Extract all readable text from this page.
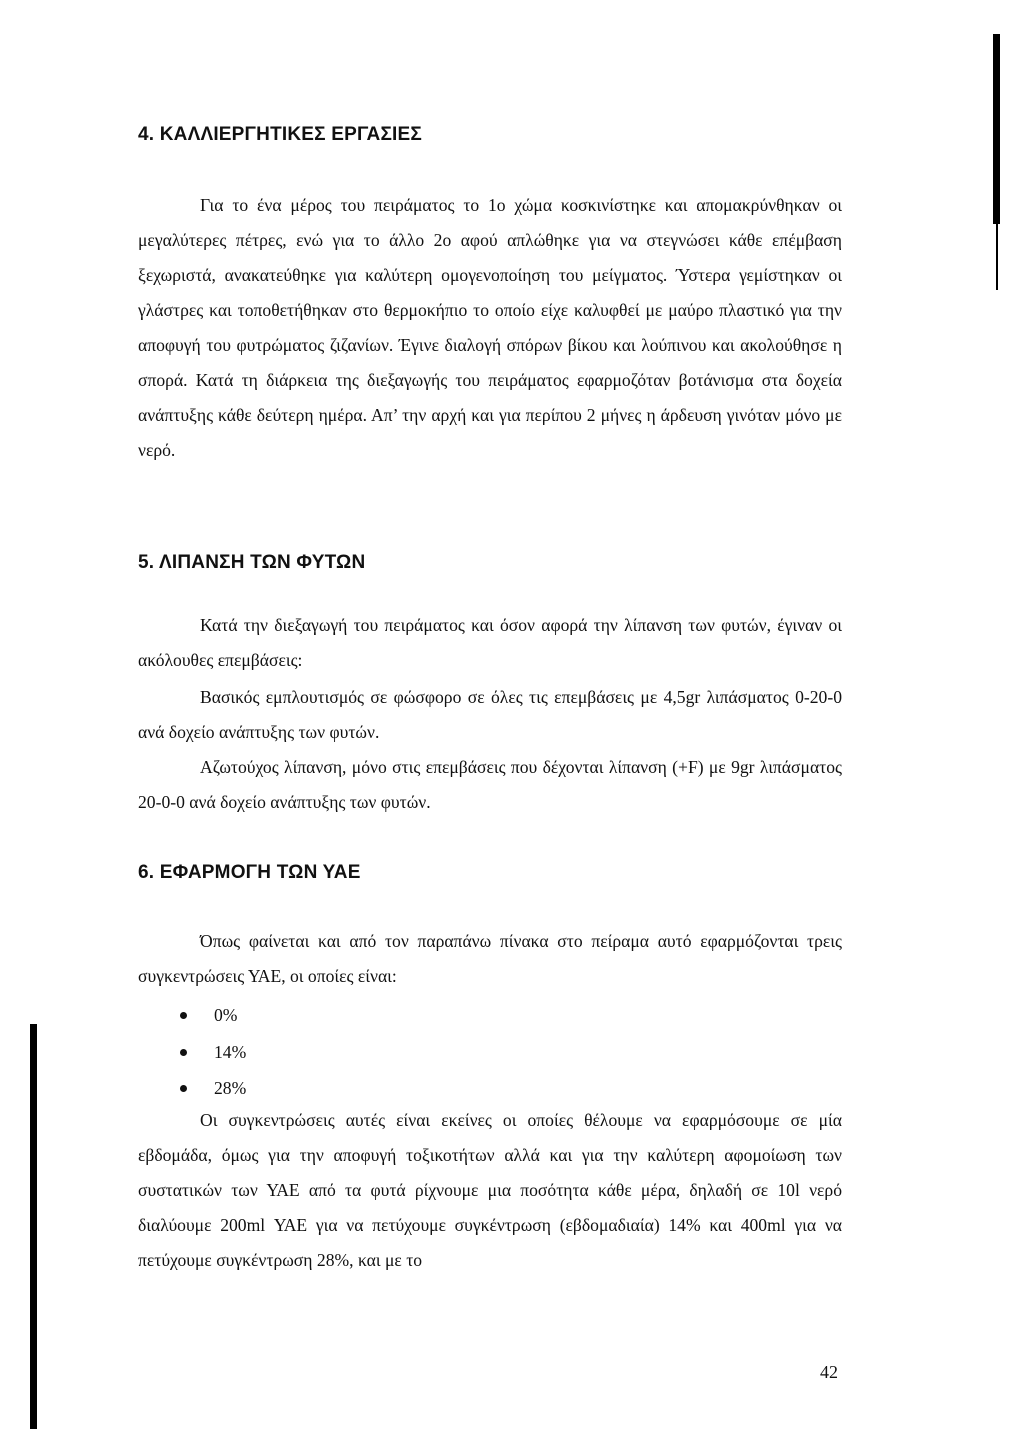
4. ΚΑΛΛΙΕΡΓΗΤΙΚΕΣ ΕΡΓΑΣΙΕΣ

Για το ένα μέρος του πειράματος το 1ο χώμα κοσκινίστηκε και απομακρύνθηκαν οι μεγαλύτερες πέτρες, ενώ για το άλλο 2ο αφού απλώθηκε για να στεγνώσει κάθε επέμβαση ξεχωριστά, ανακατεύθηκε για καλύτερη ομογενοποίηση του μείγματος. Ύστερα γεμίστηκαν οι γλάστρες και τοποθετήθηκαν στο θερμοκήπιο το οποίο είχε καλυφθεί με μαύρο πλαστικό για την αποφυγή του φυτρώματος ζιζανίων. Έγινε διαλογή σπόρων βίκου και λούπινου και ακολούθησε η σπορά. Κατά τη διάρκεια της διεξαγωγής του πειράματος εφαρμοζόταν βοτάνισμα στα δοχεία ανάπτυξης κάθε δεύτερη ημέρα. Απ’ την αρχή και για περίπου 2 μήνες η άρδευση γινόταν μόνο με νερό.

5. ΛΙΠΑΝΣΗ ΤΩΝ ΦΥΤΩΝ

Κατά την διεξαγωγή του πειράματος και όσον αφορά την λίπανση των φυτών, έγιναν οι ακόλουθες επεμβάσεις:

Βασικός εμπλουτισμός σε φώσφορο σε όλες τις επεμβάσεις με 4,5gr λιπάσματος 0-20-0 ανά δοχείο ανάπτυξης των φυτών.

Αζωτούχος λίπανση, μόνο στις επεμβάσεις που δέχονται λίπανση (+F) με 9gr λιπάσματος 20-0-0 ανά δοχείο ανάπτυξης των φυτών.

6. ΕΦΑΡΜΟΓΗ ΤΩΝ ΥΑΕ

Όπως φαίνεται και από τον παραπάνω πίνακα στο πείραμα αυτό εφαρμόζονται τρεις συγκεντρώσεις ΥΑΕ, οι οποίες είναι:

0%
14%
28%

Οι συγκεντρώσεις αυτές είναι εκείνες οι οποίες θέλουμε να εφαρμόσουμε σε μία εβδομάδα, όμως για την αποφυγή τοξικοτήτων αλλά και για την καλύτερη αφομοίωση των συστατικών των ΥΑΕ από τα φυτά ρίχνουμε μια ποσότητα κάθε μέρα, δηλαδή σε 10l νερό διαλύουμε 200ml ΥΑΕ για να πετύχουμε συγκέντρωση (εβδομαδιαία) 14% και 400ml για να πετύχουμε συγκέντρωση 28%, και με το

42
